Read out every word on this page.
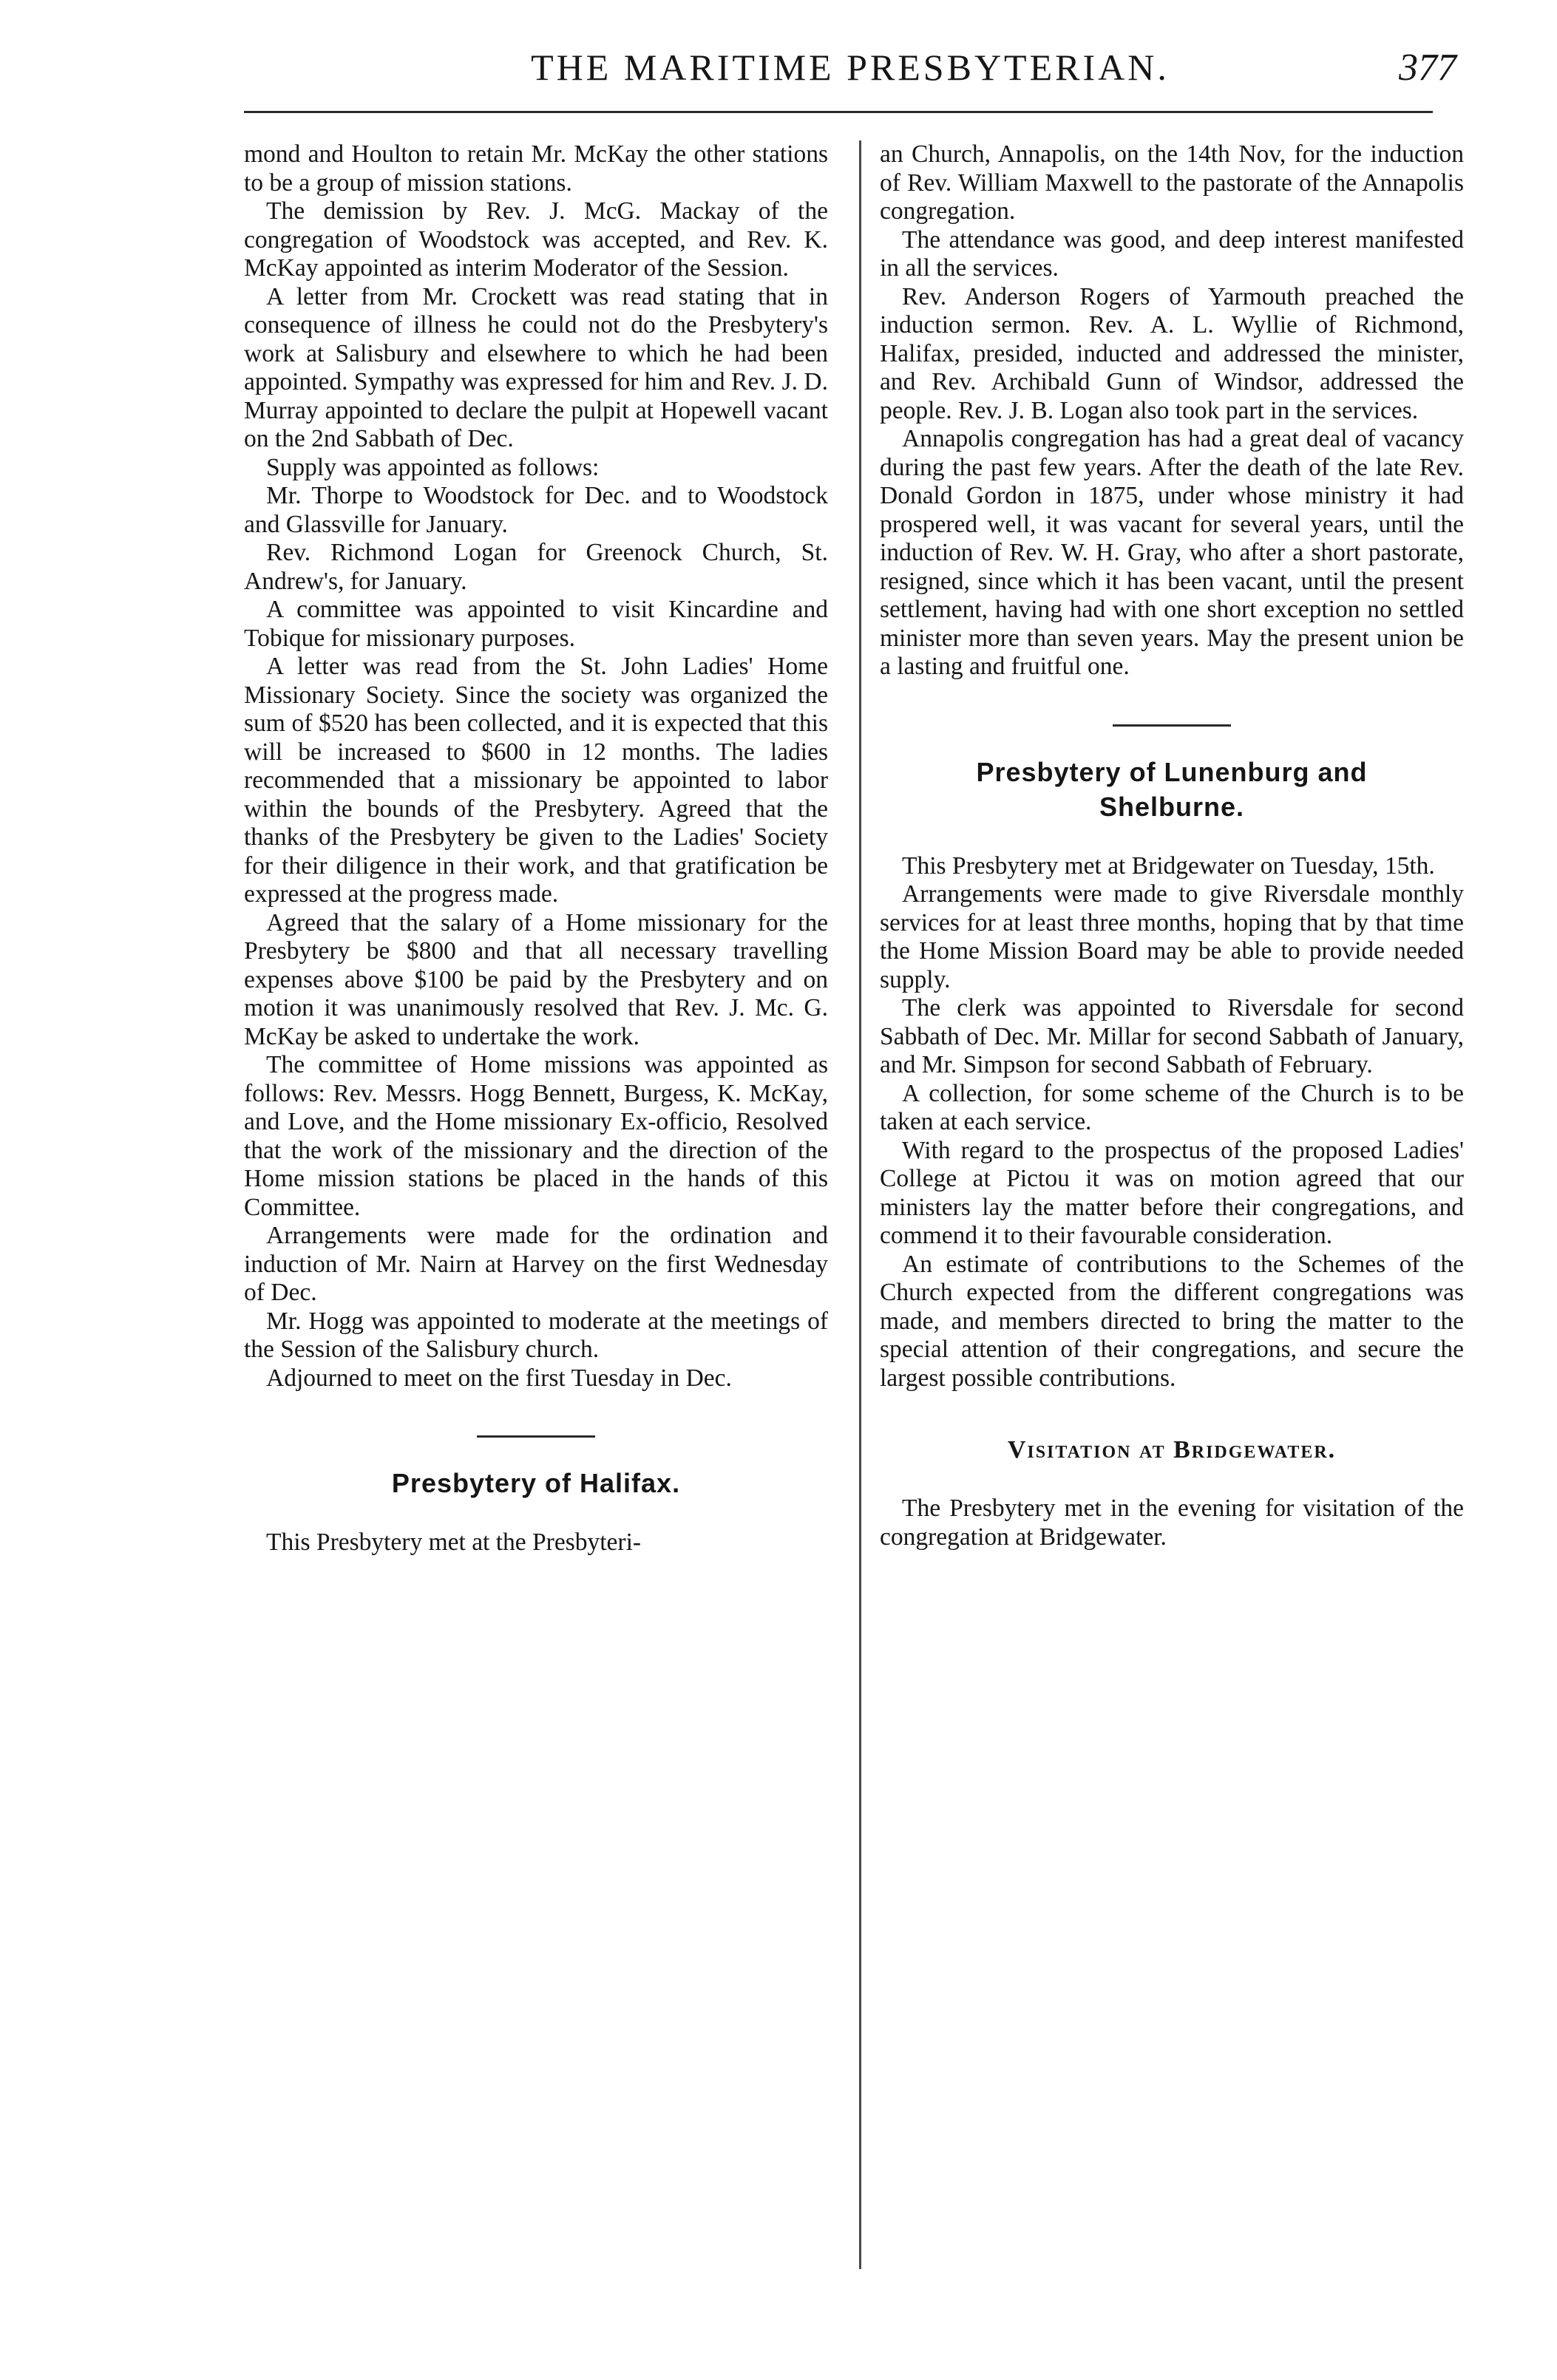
THE MARITIME PRESBYTERIAN.	377

mond and Houlton to retain Mr. McKay the other stations to be a group of mission stations.

The demission by Rev. J. McG. Mackay of the congregation of Woodstock was accepted, and Rev. K. McKay appointed as interim Moderator of the Session.

A letter from Mr. Crockett was read stating that in consequence of illness he could not do the Presbytery's work at Salisbury and elsewhere to which he had been appointed. Sympathy was expressed for him and Rev. J. D. Murray appointed to declare the pulpit at Hopewell vacant on the 2nd Sabbath of Dec.

Supply was appointed as follows:

Mr. Thorpe to Woodstock for Dec. and to Woodstock and Glassville for January.

Rev. Richmond Logan for Greenock Church, St. Andrew's, for January.

A committee was appointed to visit Kincardine and Tobique for missionary purposes.

A letter was read from the St. John Ladies' Home Missionary Society. Since the society was organized the sum of $520 has been collected, and it is expected that this will be increased to $600 in 12 months. The ladies recommended that a missionary be appointed to labor within the bounds of the Presbytery. Agreed that the thanks of the Presbytery be given to the Ladies' Society for their diligence in their work, and that gratification be expressed at the progress made.

Agreed that the salary of a Home missionary for the Presbytery be $800 and that all necessary travelling expenses above $100 be paid by the Presbytery and on motion it was unanimously resolved that Rev. J. Mc. G. McKay be asked to undertake the work.

The committee of Home missions was appointed as follows: Rev. Messrs. Hogg Bennett, Burgess, K. McKay, and Love, and the Home missionary Ex-officio, Resolved that the work of the missionary and the direction of the Home mission stations be placed in the hands of this Committee.

Arrangements were made for the ordination and induction of Mr. Nairn at Harvey on the first Wednesday of Dec.

Mr. Hogg was appointed to moderate at the meetings of the Session of the Salisbury church.

Adjourned to meet on the first Tuesday in Dec.

Presbytery of Halifax.

This Presbytery met at the Presbyteri-

an Church, Annapolis, on the 14th Nov, for the induction of Rev. William Maxwell to the pastorate of the Annapolis congregation.

The attendance was good, and deep interest manifested in all the services.

Rev. Anderson Rogers of Yarmouth preached the induction sermon. Rev. A. L. Wyllie of Richmond, Halifax, presided, inducted and addressed the minister, and Rev. Archibald Gunn of Windsor, addressed the people. Rev. J. B. Logan also took part in the services.

Annapolis congregation has had a great deal of vacancy during the past few years. After the death of the late Rev. Donald Gordon in 1875, under whose ministry it had prospered well, it was vacant for several years, until the induction of Rev. W. H. Gray, who after a short pastorate, resigned, since which it has been vacant, until the present settlement, having had with one short exception no settled minister more than seven years. May the present union be a lasting and fruitful one.

Presbytery of Lunenburg and
Shelburne.

This Presbytery met at Bridgewater on Tuesday, 15th.

Arrangements were made to give Riversdale monthly services for at least three months, hoping that by that time the Home Mission Board may be able to provide needed supply.

The clerk was appointed to Riversdale for second Sabbath of Dec. Mr. Millar for second Sabbath of January, and Mr. Simpson for second Sabbath of February.

A collection, for some scheme of the Church is to be taken at each service.

With regard to the prospectus of the proposed Ladies' College at Pictou it was on motion agreed that our ministers lay the matter before their congregations, and commend it to their favourable consideration.

An estimate of contributions to the Schemes of the Church expected from the different congregations was made, and members directed to bring the matter to the special attention of their congregations, and secure the largest possible contributions.

Visitation at Bridgewater.

The Presbytery met in the evening for visitation of the congregation at Bridgewater.
